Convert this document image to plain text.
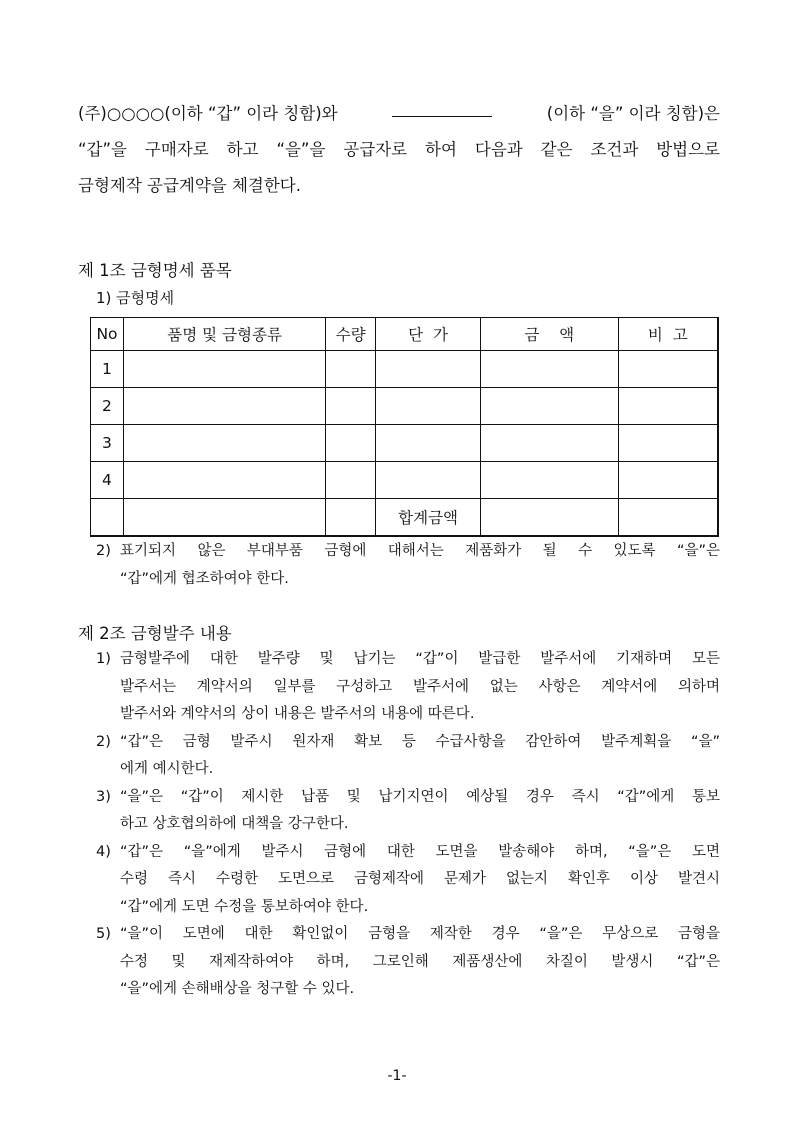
(주)○○○○(이하 “갑” 이라 칭함)와	(이하 “을” 이라 칭함)은
“갑”을 구매자로 하고 “을”을 공급자로 하여 다음과 같은 조건과 방법으로
금형제작 공급계약을 체결한다.
제 1조 금형명세 품목
1) 금형명세
No	품명 및 금형종류	수량	단  가	금    액	비  고
1					
2					
3					
4					
			합계금액		
2) 표기되지 않은 부대부품 금형에 대해서는 제품화가 될 수 있도록 “을”은
“갑”에게 협조하여야 한다.
제 2조 금형발주 내용
1) 금형발주에 대한 발주량 및 납기는 “갑”이 발급한 발주서에 기재하며 모든
발주서는 계약서의 일부를 구성하고 발주서에 없는 사항은 계약서에 의하며
발주서와 계약서의 상이 내용은 발주서의 내용에 따른다.
2) “갑”은 금형 발주시 원자재 확보 등 수급사항을 감안하여 발주계획을 “을”
에게 예시한다.
3) “을”은 “갑”이 제시한 납품 및 납기지연이 예상될 경우 즉시 “갑”에게 통보
하고 상호협의하에 대책을 강구한다.
4) “갑”은 “을”에게 발주시 금형에 대한 도면을 발송해야 하며, “을”은 도면
수령 즉시 수령한 도면으로 금형제작에 문제가 없는지 확인후 이상 발견시
“갑”에게 도면 수정을 통보하여야 한다.
5) “을”이 도면에 대한 확인없이 금형을 제작한 경우 “을”은 무상으로 금형을
수정 및 재제작하여야 하며, 그로인해 제품생산에 차질이 발생시 “갑”은
“을”에게 손해배상을 청구할 수 있다.
-1-
